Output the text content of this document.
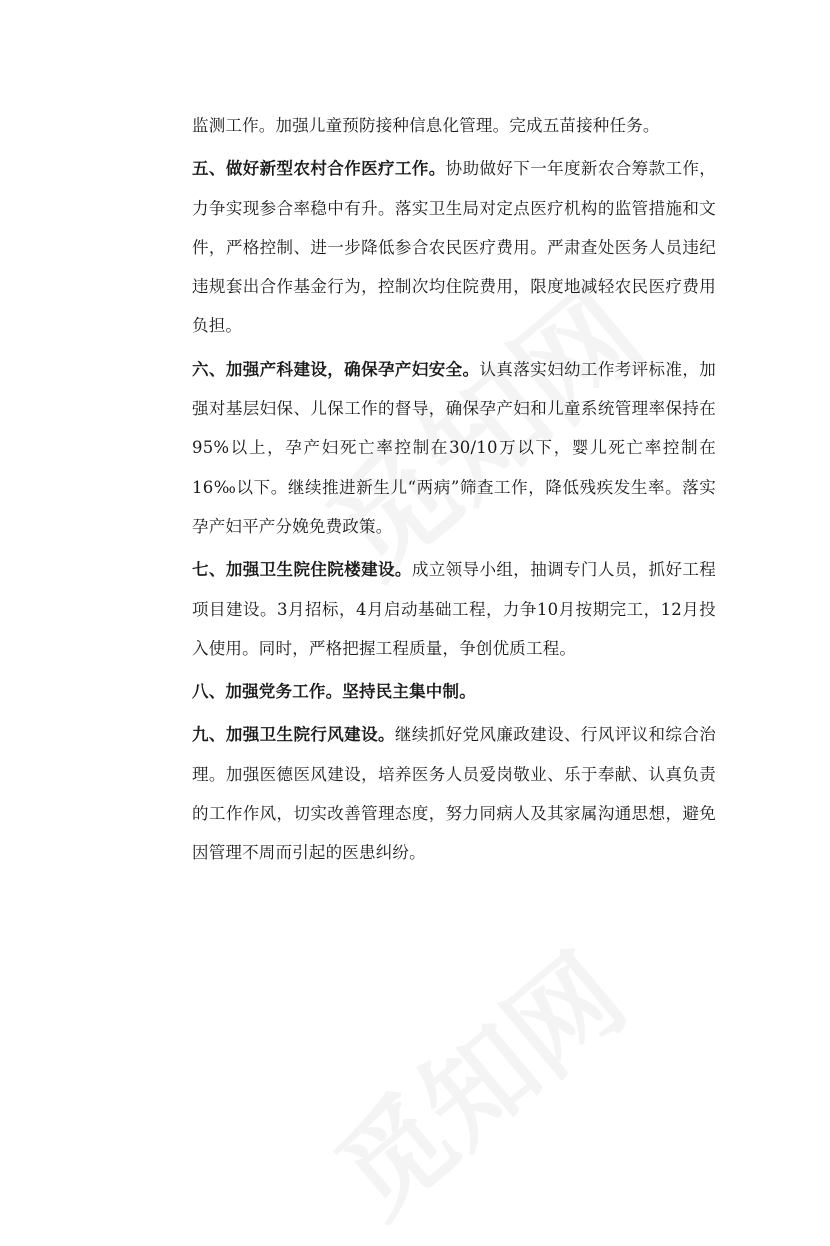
监测工作。加强儿童预防接种信息化管理。完成五苗接种任务。

五、做好新型农村合作医疗工作。协助做好下一年度新农合筹款工作，力争实现参合率稳中有升。落实卫生局对定点医疗机构的监管措施和文件，严格控制、进一步降低参合农民医疗费用。严肃查处医务人员违纪违规套出合作基金行为，控制次均住院费用，限度地减轻农民医疗费用负担。

六、加强产科建设，确保孕产妇安全。认真落实妇幼工作考评标准，加强对基层妇保、儿保工作的督导，确保孕产妇和儿童系统管理率保持在95%以上，孕产妇死亡率控制在30/10万以下，婴儿死亡率控制在16‰以下。继续推进新生儿“两病”筛查工作，降低残疾发生率。落实孕产妇平产分娩免费政策。

七、加强卫生院住院楼建设。成立领导小组，抽调专门人员，抓好工程项目建设。3月招标，4月启动基础工程，力争10月按期完工，12月投入使用。同时，严格把握工程质量，争创优质工程。

八、加强党务工作。坚持民主集中制。

九、加强卫生院行风建设。继续抓好党风廉政建设、行风评议和综合治理。加强医德医风建设，培养医务人员爱岗敬业、乐于奉献、认真负责的工作作风，切实改善管理态度，努力同病人及其家属沟通思想，避免因管理不周而引起的医患纠纷。
